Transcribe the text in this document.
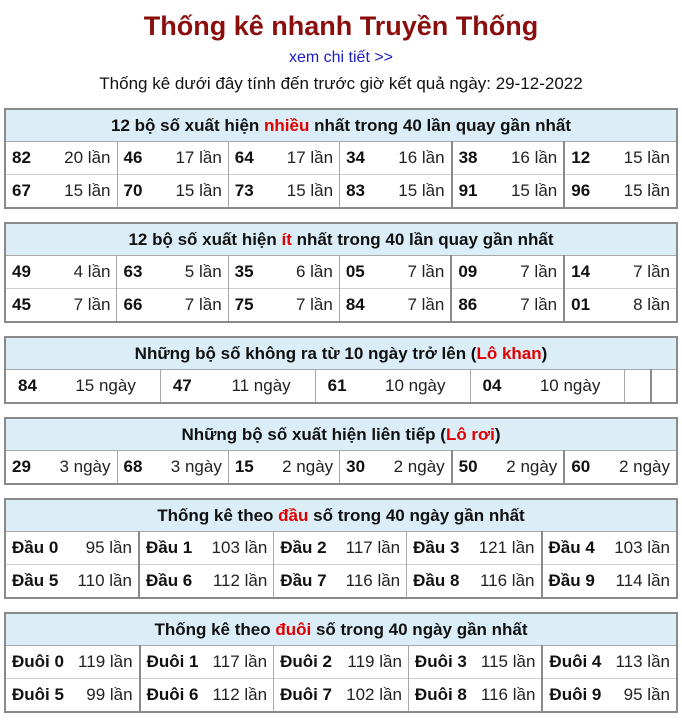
Thống kê nhanh Truyền Thống
xem chi tiết >>
Thống kê dưới đây tính đến trước giờ kết quả ngày: 29-12-2022
12 bộ số xuất hiện nhiều nhất trong 40 lần quay gần nhất					
82 20 lần	46 17 lần	64 17 lần	34 16 lần	38 16 lần	12 15 lần

67 15 lần	70 15 lần	73 15 lần	83 15 lần	91 15 lần	96 15 lần
12 bộ số xuất hiện ít nhất trong 40 lần quay gần nhất					
49 4 lần	63 5 lần	35 6 lần	05 7 lần	09 7 lần	14 7 lần

45 7 lần	66 7 lần	75 7 lần	84 7 lần	86 7 lần	01 8 lần
Những bộ số không ra từ 10 ngày trở lên (Lô khan)
84 15 ngày	47 11 ngày	61 10 ngày	04 10 ngày

Những bộ số xuất hiện liên tiếp (Lô rơi)
29 3 ngày	68 3 ngày	15 2 ngày	30 2 ngày	50 2 ngày	60 2 ngày
Thống kê theo đầu số trong 40 ngày gần nhất				
Đầu 0 95 lần	Đầu 1 103 lần	Đầu 2 117 lần	Đầu 3 121 lần	Đầu 4 103 lần

Đầu 5 110 lần	Đầu 6 112 lần	Đầu 7 116 lần	Đầu 8 116 lần	Đầu 9 114 lần
Thống kê theo đuôi số trong 40 ngày gần nhất				
Đuôi 0 119 lần	Đuôi 1 117 lần	Đuôi 2 119 lần	Đuôi 3 115 lần	Đuôi 4 113 lần

Đuôi 5 99 lần	Đuôi 6 112 lần	Đuôi 7 102 lần	Đuôi 8 116 lần	Đuôi 9 95 lần
